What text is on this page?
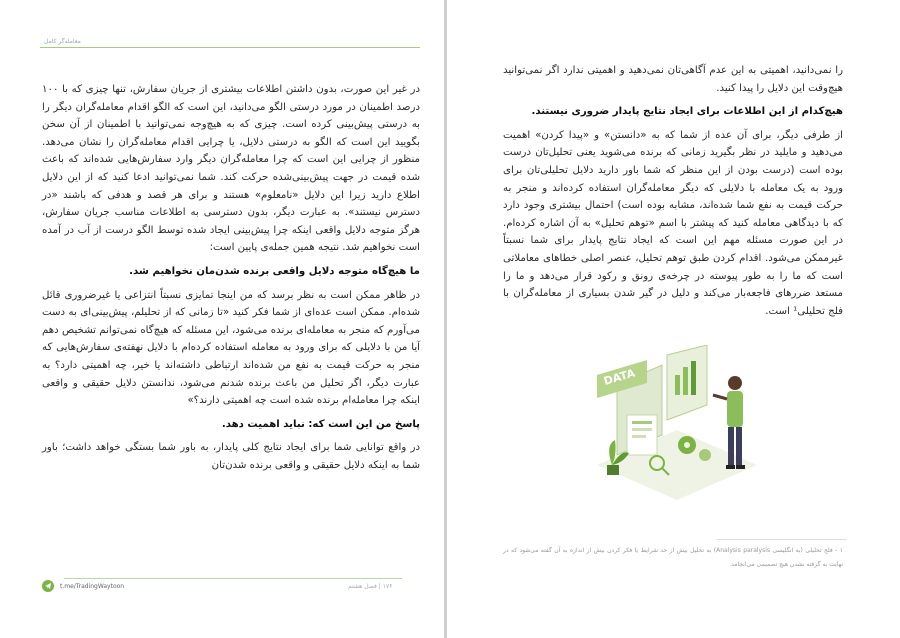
معامله‌گر کامل

در غیر این صورت، بدون داشتن اطلاعات بیشتری از جریان سفارش، تنها چیزی که با ۱۰۰ درصد اطمینان در مورد درستی الگو می‌دانید، این است که الگو اقدام معامله‌گران دیگر را به درستی پیش‌بینی کرده است. چیزی که به هیچ‌وجه نمی‌توانید با اطمینان از آن سخن بگویید این است که الگو به درستی دلایل، یا چرایی اقدام معامله‌گران را نشان می‌دهد. منظور از چرایی این است که چرا معامله‌گران دیگر وارد سفارش‌هایی شده‌اند که باعث شده قیمت در جهت پیش‌بینی‌شده حرکت کند. شما نمی‌توانید ادعا کنید که از این دلایل اطلاع دارید زیرا این دلایل «نامعلوم» هستند و برای هر قصد و هدفی که باشند «در دسترس نیستند». به عبارت دیگر، بدون دسترسی به اطلاعات مناسب جریان سفارش، هرگز متوجه دلایل واقعی اینکه چرا پیش‌بینی ایجاد شده توسط الگو درست از آب در آمده است نخواهیم شد. نتیجه همین جمله‌ی پایین است:

ما هیچ‌گاه متوجه دلایل واقعی برنده شدن‌مان نخواهیم شد.

در ظاهر ممکن است به نظر برسد که من اینجا تمایزی نسبتاً انتزاعی یا غیرضروری قائل شده‌ام. ممکن است عده‌ای از شما فکر کنید «تا زمانی که از تحلیلم، پیش‌بینی‌ای به دست می‌آورم که منجر به معامله‌ای برنده می‌شود، این مسئله که هیچ‌گاه نمی‌توانم تشخیص دهم آیا من با دلایلی که برای ورود به معامله استفاده کرده‌ام با دلایل نهفته‌ی سفارش‌هایی که منجر به حرکت قیمت به نفع من شده‌اند ارتباطی داشته‌اند یا خیر، چه اهمیتی دارد؟ به عبارت دیگر، اگر تحلیل من باعث برنده شدنم می‌شود، ندانستن دلایل حقیقی و واقعی اینکه چرا معامله‌ام برنده شده است چه اهمیتی دارند؟»

پاسخ من این است که: نباید اهمیت دهد.

در واقع توانایی شما برای ایجاد نتایج کلی پایدار، به باور شما بستگی خواهد داشت؛ باور شما به اینکه دلایل حقیقی و واقعی برنده شدن‌تان

t.me/TradingWaytoon	۱۷۶ | فصل هشتم

را نمی‌دانید، اهمیتی به این عدم آگاهی‌تان نمی‌دهید و اهمیتی ندارد اگر نمی‌توانید هیچ‌وقت این دلایل را پیدا کنید.

هیچ‌کدام از این اطلاعات برای ایجاد نتایج پایدار ضروری نیستند.

از طرفی دیگر، برای آن عده از شما که به «دانستن» و «پیدا کردن» اهمیت می‌دهید و مایلید در نظر بگیرید زمانی که برنده می‌شوید یعنی تحلیل‌تان درست بوده است (درست بودن از این منظر که شما باور دارید دلایل تحلیلی‌تان برای ورود به یک معامله با دلایلی که دیگر معامله‌گران استفاده کرده‌اند و منجر به حرکت قیمت به نفع شما شده‌اند، مشابه بوده است) احتمال بیشتری وجود دارد که با دیدگاهی معامله کنید که پیشتر با اسم «توهم تحلیل» به آن اشاره کرده‌ام. در این صورت مسئله مهم این است که ایجاد نتایج پایدار برای شما نسبتاً غیرممکن می‌شود. اقدام کردن طبق توهم تحلیل، عنصر اصلی خطاهای معاملاتی است که ما را به طور پیوسته در چرخه‌ی رونق و رکود قرار می‌دهد و ما را مستعد ضررهای فاجعه‌بار می‌کند و دلیل در گیر شدن بسیاری از معامله‌گران با فلج تحلیلی¹ است.

DATA
۱ - فلج تحلیلی (به انگلیسی Analysis paralysis) به تحلیل بیش از حد شرایط یا فکر کردن بیش از اندازه به آن گفته می‌شود که در نهایت به گرفته نشدن هیچ تصمیمی می‌انجامد.
